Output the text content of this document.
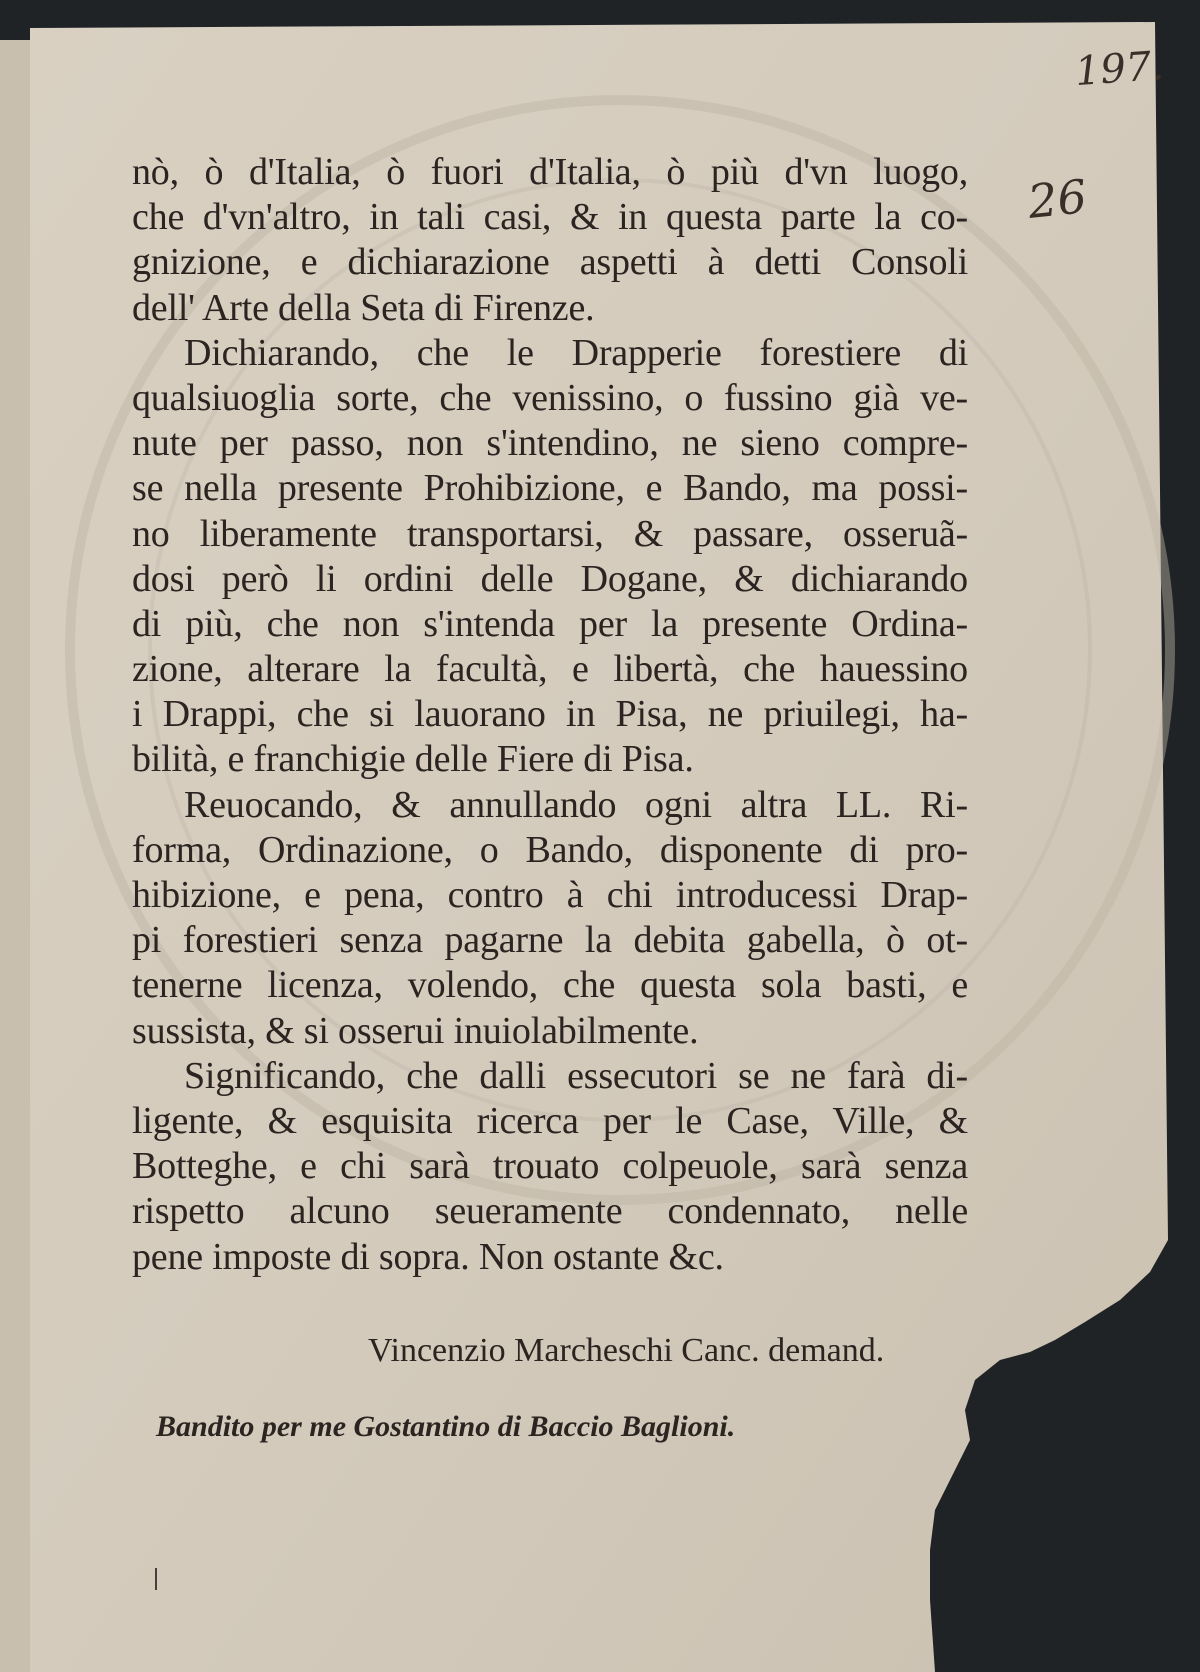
197.
26
nò, ò d'Italia, ò fuori d'Italia, ò più d'vn luogo,
che d'vn'altro, in tali casi, & in questa parte la co-
gnizione, e dichiarazione aspetti à detti Consoli
dell' Arte della Seta di Firenze.
Dichiarando, che le Drapperie forestiere di
qualsiuoglia sorte, che venissino, o fussino già ve-
nute per passo, non s'intendino, ne sieno compre-
se nella presente Prohibizione, e Bando, ma possi-
no liberamente transportarsi, & passare, osseruã-
dosi però li ordini delle Dogane, & dichiarando
di più, che non s'intenda per la presente Ordina-
zione, alterare la facultà, e libertà, che hauessino
i Drappi, che si lauorano in Pisa, ne priuilegi, ha-
bilità, e franchigie delle Fiere di Pisa.
Reuocando, & annullando ogni altra LL. Ri-
forma, Ordinazione, o Bando, disponente di pro-
hibizione, e pena, contro à chi introducessi Drap-
pi forestieri senza pagarne la debita gabella, ò ot-
tenerne licenza, volendo, che questa sola basti, e
sussista, & si osserui inuiolabilmente.
Significando, che dalli essecutori se ne farà di-
ligente, & esquisita ricerca per le Case, Ville, &
Botteghe, e chi sarà trouato colpeuole, sarà senza
rispetto alcuno seueramente condennato, nelle
pene imposte di sopra. Non ostante &c.
Vincenzio Marcheschi Canc. demand.
Bandito per me Gostantino di Baccio Baglioni.
